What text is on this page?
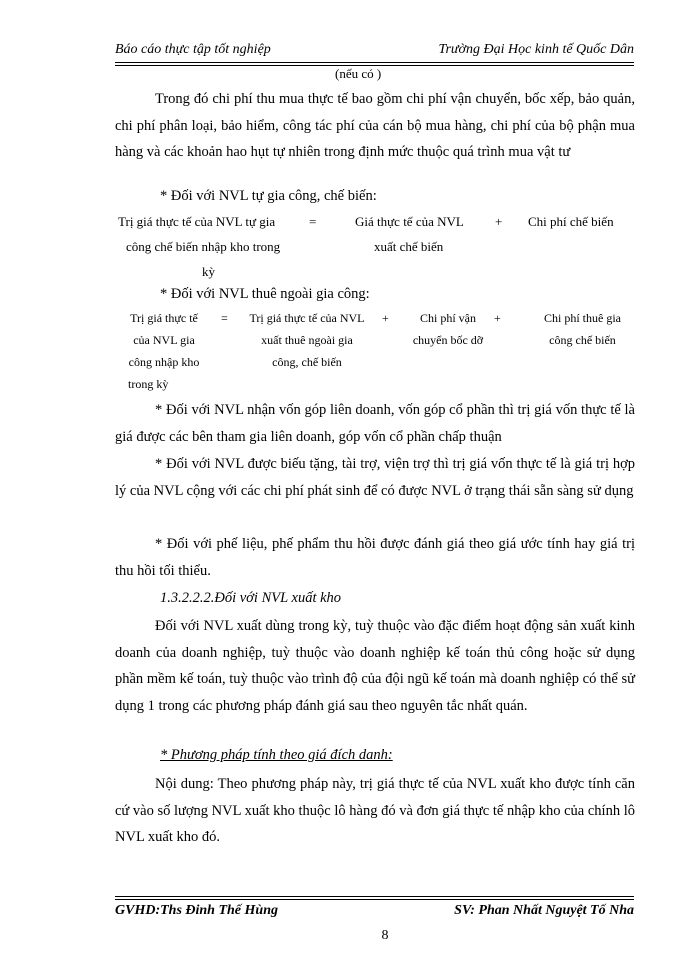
Báo cáo thực tập tốt nghiệp	Trường Đại Học kinh tế Quốc Dân
(nếu có )

Trong đó chi phí thu mua thực tế bao gồm chi phí vận chuyển, bốc xếp, bảo quản, chi phí phân loại, bảo hiểm, công tác phí của cán bộ mua hàng, chi phí của bộ phận mua hàng và các khoản hao hụt tự nhiên trong định mức thuộc quá trình mua vật tư

* Đối với NVL tự gia công, chế biến:
Trị giá thực tế của NVL tự gia
công chế biến nhập kho trong
kỳ
=	Giá thực tế của NVL
xuất chế biến
+ Chi phí chế biến
* Đối với NVL thuê ngoài gia công:
Trị giá thực tế
của NVL gia
công nhập kho
trong kỳ
=	Trị giá thực tế của NVL
xuất thuê ngoài gia
công, chế biến
+	Chi phí vận
chuyển bốc dỡ
+	Chi phí thuê gia
công chế biến

* Đối với NVL nhận vốn góp liên doanh, vốn góp cổ phần thì trị giá vốn thực tế là giá được các bên tham gia liên doanh, góp vốn cổ phần chấp thuận

* Đối với NVL được biếu tặng, tài trợ, viện trợ thì trị giá vốn thực tế là giá trị hợp lý của NVL cộng với các chi phí phát sinh để có được NVL ở trạng thái sẵn sàng sử dụng

* Đối với phế liệu, phế phẩm thu hồi được đánh giá theo giá ước tính hay giá trị thu hồi tối thiểu.

1.3.2.2.2.Đối với NVL xuất kho

Đối với NVL xuất dùng trong kỳ, tuỳ thuộc vào đặc điểm hoạt động sản xuất kinh doanh của doanh nghiệp, tuỳ thuộc vào doanh nghiệp kế toán thủ công hoặc sử dụng phần mềm kế toán, tuỳ thuộc vào trình độ của đội ngũ kế toán mà doanh nghiệp có thể sử dụng 1 trong các phương pháp đánh giá sau theo nguyên tắc nhất quán.

* Phương pháp tính theo giá đích danh:

Nội dung: Theo phương pháp này, trị giá thực tế của NVL xuất kho được tính căn cứ vào số lượng NVL xuất kho thuộc lô hàng đó và đơn giá thực tế nhập kho của chính lô NVL xuất kho đó.

GVHD:Ths Đinh Thế Hùng	SV: Phan Nhất Nguyệt Tố Nha
8
